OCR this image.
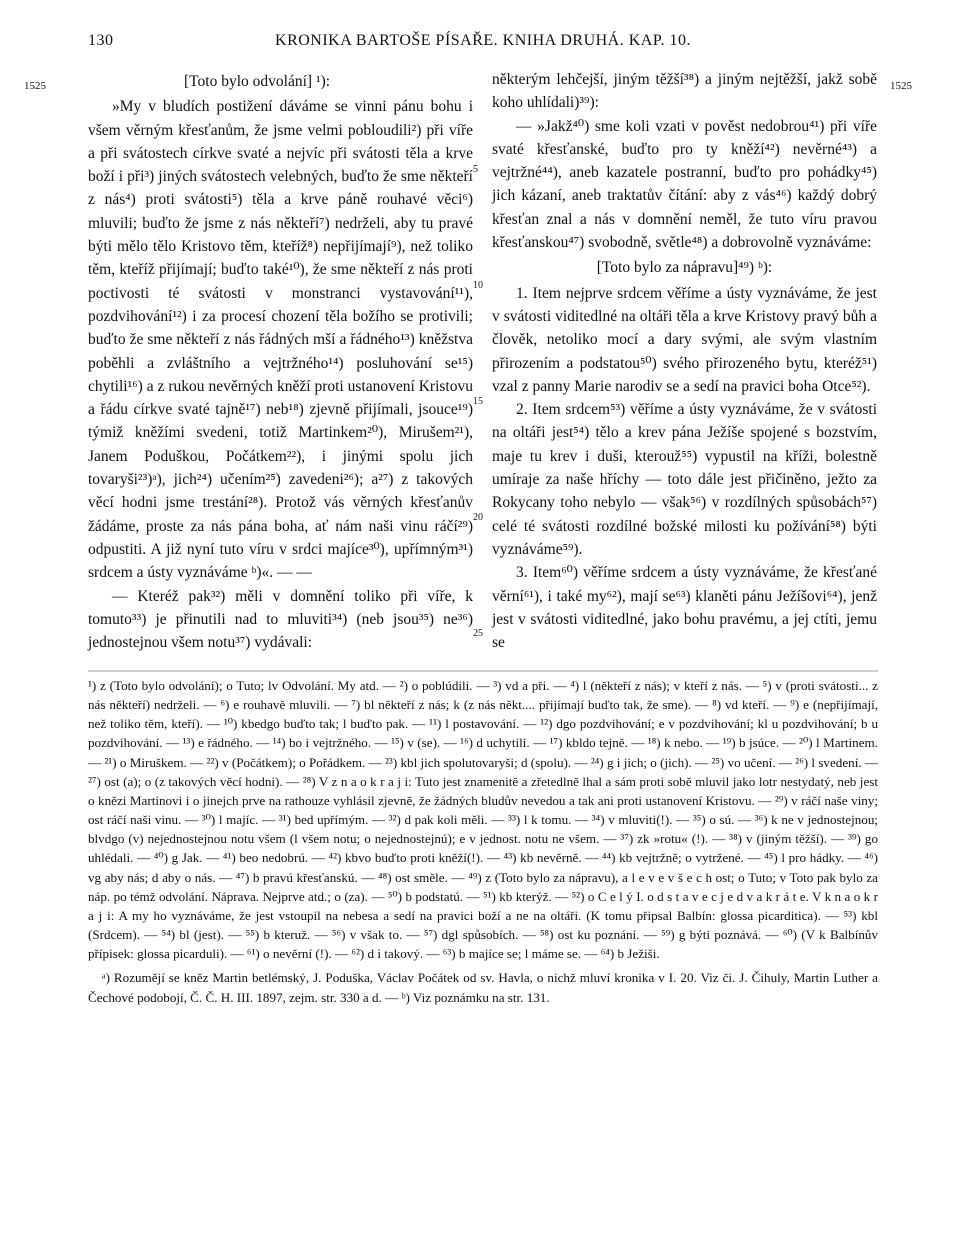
130	KRONIKA BARTOŠE PÍSAŘE. KNIHA DRUHÁ. KAP. 10.
1525	1525

[Toto bylo odvolání] ¹):

»My v bludích postižení dáváme se vinni pánu bohu i všem věrným křesťanům, že jsme velmi pobloudili²) při víře a při svátostech církve svaté a nejvíc při svátosti těla a krve boží i při³) jiných svátostech velebných, buďto že sme někteří z nás⁴) proti svátosti⁵) těla a krve páně rouhavé věci⁶) mluvili; buďto že jsme z nás někteří⁷) nedrželi, aby tu pravé býti mělo tělo Kristovo těm, kteříž⁸) nepřijímají⁹), než toliko těm, kteříž přijímají; buďto také¹⁰), že sme někteří z nás proti poctivosti té svátosti v monstranci vystavování¹¹), pozdvihování¹²) i za procesí chození těla božího se protivili; buďto že sme někteří z nás řádných mší a řádného¹³) kněžstva poběhli a zvláštního a vejtržného¹⁴) posluhování se¹⁵) chytili¹⁶) a z rukou nevěrných kněží proti ustanovení Kristovu a řádu církve svaté tajně¹⁷) neb¹⁸) zjevně přijímali, jsouce¹⁹) týmiž kněžími svedeni, totiž Martinkem²⁰), Mirušem²¹), Janem Poduškou, Počátkem²²), i jinými spolu jich tovaryši²³)ᵃ), jich²⁴) učením²⁵) zavedeni²⁶); a²⁷) z takových věcí hodni jsme trestání²⁸). Protož vás věrných křesťanův žádáme, proste za nás pána boha, ať nám naši vinu ráčí²⁹) odpustiti. A již nyní tuto víru v srdci majíce³⁰), upřímným³¹) srdcem a ústy vyznáváme ᵇ)«. — —

— Kteréž pak³²) měli v domnění toliko při víře, k tomuto³³) je přinutili nad to mluviti³⁴) (neb jsou³⁵) ne³⁶) jednostejnou všem notu³⁷) vydávali:

5
10
15
20
25

některým lehčejší, jiným těžší³⁸) a jiným nejtěžší, jakž sobě koho uhlídali)³⁹):

— »Jakž⁴⁰) sme koli vzati v pověst nedobrou⁴¹) při víře svaté křesťanské, buďto pro ty kněží⁴²) nevěrné⁴³) a vejtržné⁴⁴), aneb kazatele postranní, buďto pro pohádky⁴⁵) jich kázaní, aneb traktatův čítání: aby z vás⁴⁶) každý dobrý křesťan znal a nás v domnění neměl, že tuto víru pravou křesťanskou⁴⁷) svobodně, světle⁴⁸) a dobrovolně vyznáváme:

[Toto bylo za nápravu]⁴⁹) ᵇ):

1. Item nejprve srdcem věříme a ústy vyznáváme, že jest v svátosti viditedlné na oltáři těla a krve Kristovy pravý bůh a člověk, netoliko mocí a dary svými, ale svým vlastním přirozením a podstatou⁵⁰) svého přirozeného bytu, kteréž⁵¹) vzal z panny Marie narodiv se a sedí na pravici boha Otce⁵²).

2. Item srdcem⁵³) věříme a ústy vyznáváme, že v svátosti na oltáři jest⁵⁴) tělo a krev pána Ježíše spojené s bozstvím, maje tu krev i duši, kterouž⁵⁵) vypustil na kříži, bolestně umíraje za naše hříchy — toto dále jest přičiněno, ježto za Rokycany toho nebylo — však⁵⁶) v rozdílných spůsobách⁵⁷) celé té svátosti rozdílné božské milosti ku požívání⁵⁸) býti vyznáváme⁵⁹).

3. Item⁶⁰) věříme srdcem a ústy vyznáváme, že křesťané věrní⁶¹), i také my⁶²), mají se⁶³) klaněti pánu Ježíšovi⁶⁴), jenž jest v svátosti viditedlné, jako bohu pravému, a jej ctíti, jemu se

¹) z (Toto bylo odvolání); o Tuto; lv Odvolání. My atd. — ²) o poblúdili. — ³) vd a při. — ⁴) l (někteří z nás); v kteří z nás. — ⁵) v (proti svátosti... z nás někteří) nedrželi. — ⁶) e rouhavě mluvili. — ⁷) bl někteří z nás; k (z nás někt.... přijímají buďto tak, že sme). — ⁸) vd kteří. — ⁹) e (nepřijímají, než toliko těm, kteří). — ¹⁰) kbedgo buďto tak; l buďto pak. — ¹¹) l postavování. — ¹²) dgo pozdvihování; e v pozdvihování; kl u pozdvihování; b u pozdvihování. — ¹³) e řádného. — ¹⁴) bo i vejtržného. — ¹⁵) v (se). — ¹⁶) d uchytili. — ¹⁷) kbldo tejně. — ¹⁸) k nebo. — ¹⁹) b jsúce. — ²⁰) l Martinem. — ²¹) o Miruškem. — ²²) v (Počátkem); o Pořádkem. — ²³) kbl jich spolutovaryši; d (spolu). — ²⁴) g i jich; o (jich). — ²⁵) vo učení. — ²⁶) l svedení. — ²⁷) ost (a); o (z takových věcí hodni). — ²⁸) V z n a o k r a j i: Tuto jest znamenitě a zřetedlně lhal a sám proti sobě mluvil jako lotr nestydatý, neb jest o knězi Martinovi i o jinejch prve na rathouze vyhlásil zjevně, že žádných bludův nevedou a tak ani proti ustanovení Kristovu. — ²⁹) v ráčí naše viny; ost ráčí naši vinu. — ³⁰) l majíc. — ³¹) bed upřímým. — ³²) d pak koli měli. — ³³) l k tomu. — ³⁴) v mluviti(!). — ³⁵) o sú. — ³⁶) k ne v jednostejnou; blvdgo (v) nejednostejnou notu všem (l všem notu; o nejednostejnú); e v jednost. notu ne všem. — ³⁷) zk »rotu« (!). — ³⁸) v (jiným těžší). — ³⁹) go uhlédali. — ⁴⁰) g Jak. — ⁴¹) beo nedobrú. — ⁴²) kbvo buďto proti kněží(!). — ⁴³) kb nevěrně. — ⁴⁴) kb vejtržně; o vytržené. — ⁴⁵) l pro hádky. — ⁴⁶) vg aby nás; d aby o nás. — ⁴⁷) b pravú křesťanskú. — ⁴⁸) ost směle. — ⁴⁹) z (Toto bylo za nápravu), a l e v e v š e c h ost; o Tuto; v Toto pak bylo za náp. po témž odvolání. Náprava. Nejprve atd.; o (za). — ⁵⁰) b podstatú. — ⁵¹) kb kterýž. — ⁵²) o C e l ý I. o d s t a v e c j e d v a k r á t e. V k n a o k r a j i: A my ho vyznáváme, že jest vstoupil na nebesa a sedí na pravici boží a ne na oltáři. (K tomu připsal Balbín: glossa picarditica). — ⁵³) kbl (Srdcem). — ⁵⁴) bl (jest). — ⁵⁵) b kteruž. — ⁵⁶) v však to. — ⁵⁷) dgl spůsobích. — ⁵⁸) ost ku poznání. — ⁵⁹) g býti poznává. — ⁶⁰) (V k Balbínův přípisek: glossa picarduli). — ⁶¹) o nevěrní (!). — ⁶²) d i takový. — ⁶³) b majíce se; l máme se. — ⁶⁴) b Ježiši.

ᵃ) Rozumějí se kněz Martin betlémský, J. Poduška, Václav Počátek od sv. Havla, o nichž mluví kronika v I. 20. Viz či. J. Čihuly, Martin Luther a Čechové podobojí, Č. Č. H. III. 1897, zejm. str. 330 a d. — ᵇ) Viz poznámku na str. 131.
